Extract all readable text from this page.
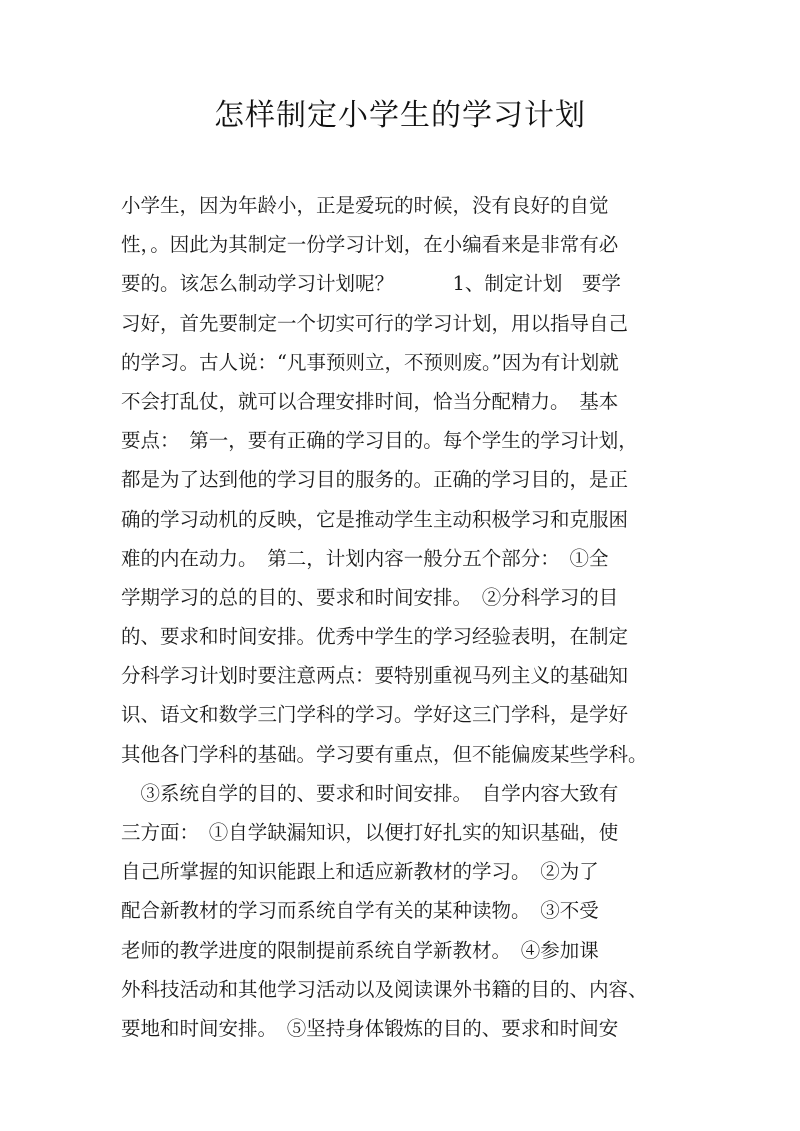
怎样制定小学生的学习计划
小学生，因为年龄小，正是爱玩的时候，没有良好的自觉
性，。因此为其制定一份学习计划，在小编看来是非常有必
要的。该怎么制动学习计划呢？　　　1、制定计划　要学
习好，首先要制定一个切实可行的学习计划，用以指导自己
的学习。古人说：“凡事预则立，不预则废。”因为有计划就
不会打乱仗，就可以合理安排时间，恰当分配精力。　基本
要点：　第一，要有正确的学习目的。每个学生的学习计划，
都是为了达到他的学习目的服务的。正确的学习目的，是正
确的学习动机的反映，它是推动学生主动积极学习和克服困
难的内在动力。　第二，计划内容一般分五个部分：　①全
学期学习的总的目的、要求和时间安排。　②分科学习的目
的、要求和时间安排。优秀中学生的学习经验表明，在制定
分科学习计划时要注意两点：要特别重视马列主义的基础知
识、语文和数学三门学科的学习。学好这三门学科，是学好
其他各门学科的基础。学习要有重点，但不能偏废某些学科。
　③系统自学的目的、要求和时间安排。　自学内容大致有
三方面：　①自学缺漏知识，以便打好扎实的知识基础，使
自己所掌握的知识能跟上和适应新教材的学习。　②为了
配合新教材的学习而系统自学有关的某种读物。　③不受
老师的教学进度的限制提前系统自学新教材。　④参加课
外科技活动和其他学习活动以及阅读课外书籍的目的、内容、
要地和时间安排。　⑤坚持身体锻炼的目的、要求和时间安
